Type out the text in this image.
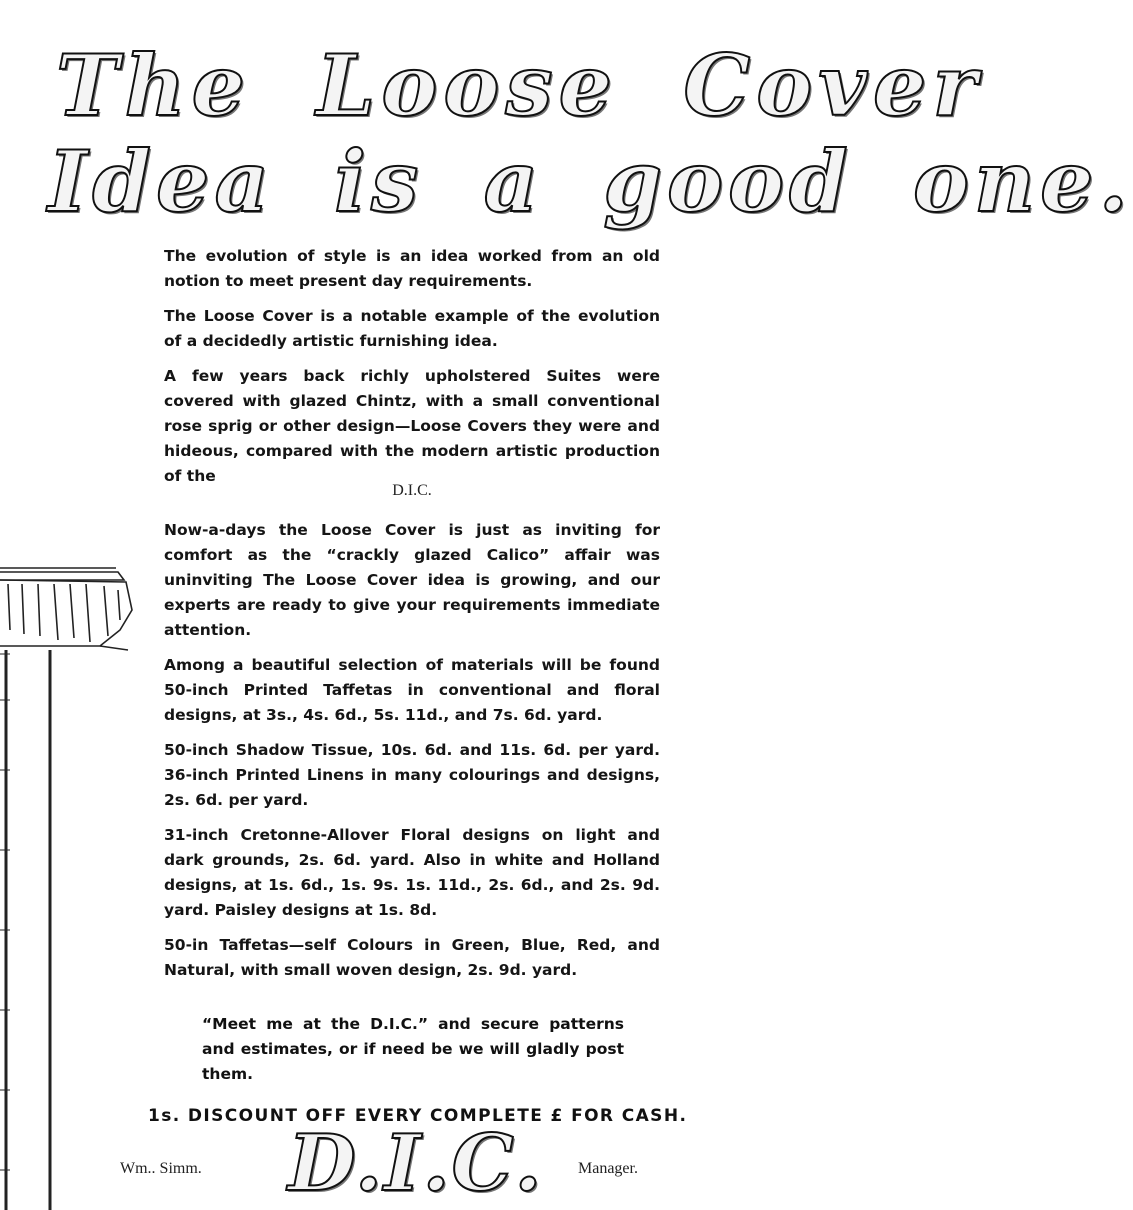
The Loose Cover
Idea is a good one.

The evolution of style is an idea worked from an old notion to meet present day requirements.

The Loose Cover is a notable example of the evolution of a decidedly artistic furnishing idea.

A few years back richly upholstered Suites were covered with glazed Chintz, with a small conventional rose sprig or other design—Loose Covers they were and hideous, compared with the modern artistic production of the

D.I.C.

Now-a-days the Loose Cover is just as inviting for comfort as the “crackly glazed Calico” affair was uninviting The Loose Cover idea is growing, and our experts are ready to give your requirements immediate attention.

Among a beautiful selection of materials will be found 50-inch Printed Taffetas in conventional and floral designs, at 3s., 4s. 6d., 5s. 11d., and 7s. 6d. yard.

50-inch Shadow Tissue, 10s. 6d. and 11s. 6d. per yard. 36-inch Printed Linens in many colourings and designs, 2s. 6d. per yard.

31-inch Cretonne-Allover Floral designs on light and dark grounds, 2s. 6d. yard. Also in white and Holland designs, at 1s. 6d., 1s. 9s. 1s. 11d., 2s. 6d., and 2s. 9d. yard. Paisley designs at 1s. 8d.

50-in Taffetas—self Colours in Green, Blue, Red, and Natural, with small woven design, 2s. 9d. yard.

“Meet me at the D.I.C.” and secure patterns and estimates, or if need be we will gladly post them.
1s. DISCOUNT OFF EVERY COMPLETE £ FOR CASH.
Wm.. Simm. D.I.C. Manager.
